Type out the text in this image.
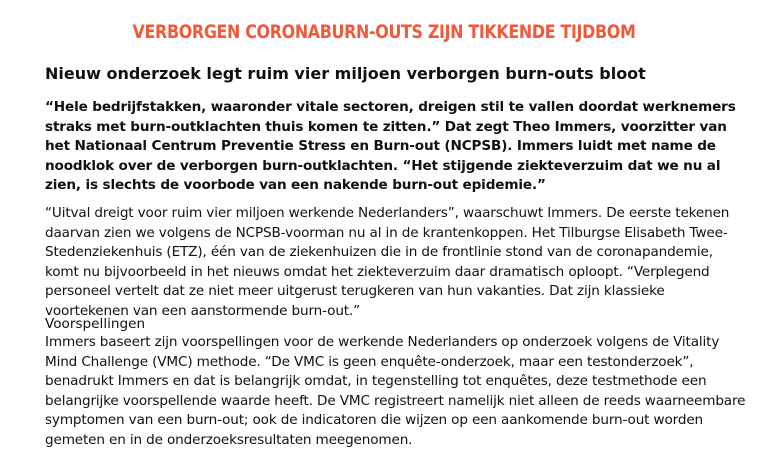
VERBORGEN CORONABURN-OUTS ZIJN TIKKENDE TIJDBOM
Nieuw onderzoek legt ruim vier miljoen verborgen burn-outs bloot
“Hele bedrijfstakken, waaronder vitale sectoren, dreigen stil te vallen doordat werknemers straks met burn-outklachten thuis komen te zitten.” Dat zegt Theo Immers, voorzitter van het Nationaal Centrum Preventie Stress en Burn-out (NCPSB). Immers luidt met name de noodklok over de verborgen burn-outklachten. “Het stijgende ziekteverzuim dat we nu al zien, is slechts de voorbode van een nakende burn-out epidemie.”
“Uitval dreigt voor ruim vier miljoen werkende Nederlanders”, waarschuwt Immers. De eerste tekenen daarvan zien we volgens de NCPSB-voorman nu al in de krantenkoppen. Het Tilburgse Elisabeth Twee-Stedenziekenhuis (ETZ), één van de ziekenhuizen die in de frontlinie stond van de coronapandemie, komt nu bijvoorbeeld in het nieuws omdat het ziekteverzuim daar dramatisch oploopt. “Verplegend personeel vertelt dat ze niet meer uitgerust terugkeren van hun vakanties. Dat zijn klassieke voortekenen van een aanstormende burn-out.”
Voorspellingen
Immers baseert zijn voorspellingen voor de werkende Nederlanders op onderzoek volgens de Vitality Mind Challenge (VMC) methode. “De VMC is geen enquête-onderzoek, maar een testonderzoek”, benadrukt Immers en dat is belangrijk omdat, in tegenstelling tot enquêtes, deze testmethode een belangrijke voorspellende waarde heeft. De VMC registreert namelijk niet alleen de reeds waarneembare symptomen van een burn-out; ook de indicatoren die wijzen op een aankomende burn-out worden gemeten en in de onderzoeksresultaten meegenomen.
